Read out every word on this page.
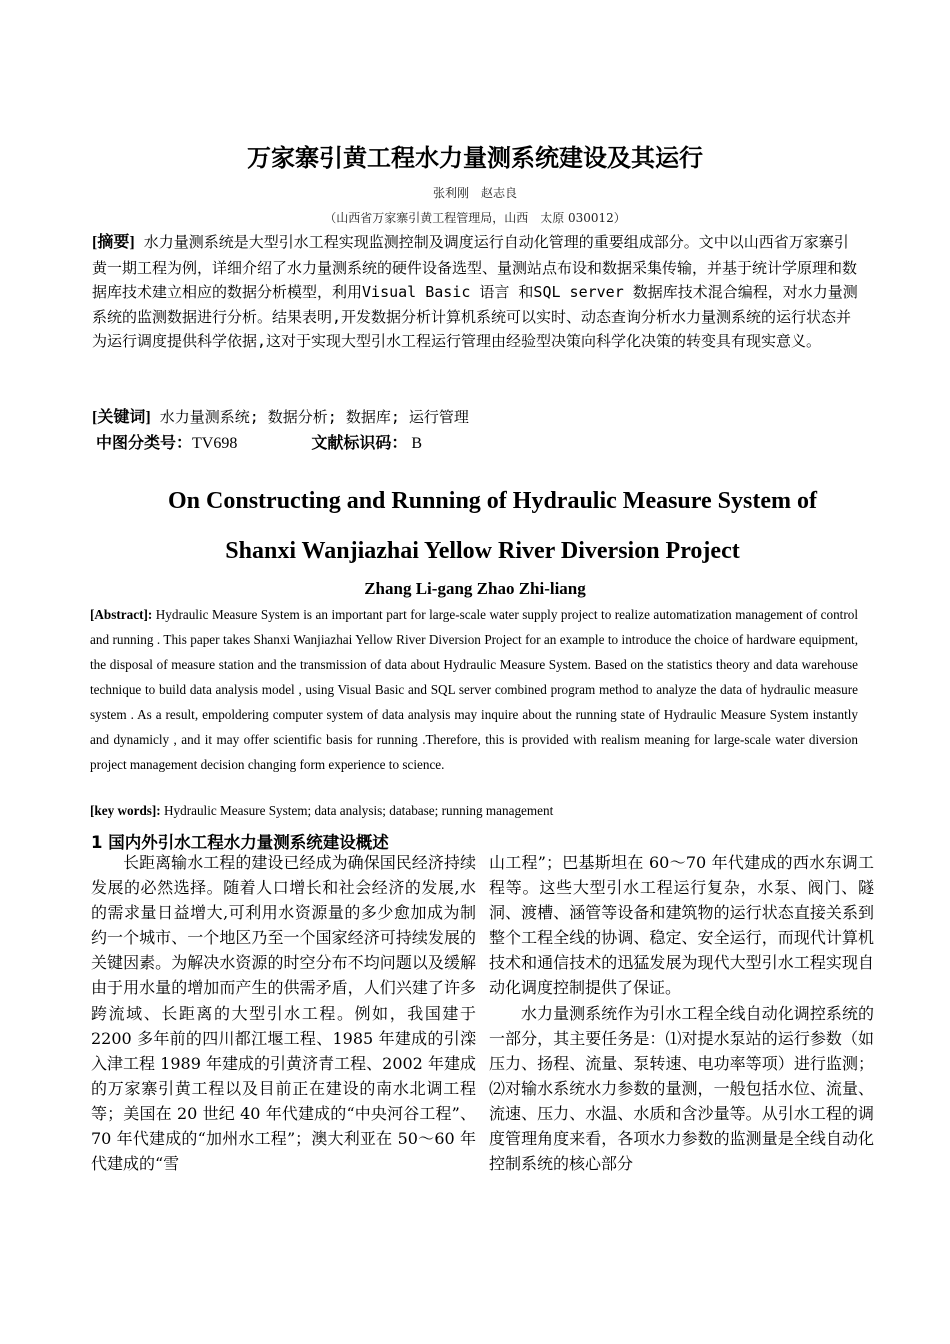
万家寨引黄工程水力量测系统建设及其运行
张利刚　赵志良
（山西省万家寨引黄工程管理局，山西　太原 030012）
[摘要] 水力量测系统是大型引水工程实现监测控制及调度运行自动化管理的重要组成部分。文中以山西省万家寨引黄一期工程为例，详细介绍了水力量测系统的硬件设备选型、量测站点布设和数据采集传输，并基于统计学原理和数据库技术建立相应的数据分析模型，利用Visual Basic 语言 和SQL server 数据库技术混合编程，对水力量测系统的监测数据进行分析。结果表明,开发数据分析计算机系统可以实时、动态查询分析水力量测系统的运行状态并为运行调度提供科学依据,这对于实现大型引水工程运行管理由经验型决策向科学化决策的转变具有现实意义。
[关键词] 水力量测系统; 数据分析; 数据库; 运行管理
中图分类号：TV698	文献标识码： B
On Constructing and Running of Hydraulic Measure System of
Shanxi Wanjiazhai Yellow River Diversion Project
Zhang Li-gang Zhao Zhi-liang
[Abstract]: Hydraulic Measure System is an important part for large-scale water supply project to realize automatization management of control and running . This paper takes Shanxi Wanjiazhai Yellow River Diversion Project for an example to introduce the choice of hardware equipment, the disposal of measure station and the transmission of data about Hydraulic Measure System. Based on the statistics theory and data warehouse technique to build data analysis model , using Visual Basic and SQL server combined program method to analyze the data of hydraulic measure system . As a result, empoldering computer system of data analysis may inquire about the running state of Hydraulic Measure System instantly and dynamicly , and it may offer scientific basis for running .Therefore, this is provided with realism meaning for large-scale water diversion project management decision changing form experience to science.
[key words]: Hydraulic Measure System; data analysis; database; running management
1 国内外引水工程水力量测系统建设概述

长距离输水工程的建设已经成为确保国民经济持续发展的必然选择。随着人口增长和社会经济的发展,水的需求量日益增大,可利用水资源量的多少愈加成为制约一个城市、一个地区乃至一个国家经济可持续发展的关键因素。为解决水资源的时空分布不均问题以及缓解由于用水量的增加而产生的供需矛盾，人们兴建了许多跨流域、长距离的大型引水工程。例如，我国建于 2200 多年前的四川都江堰工程、1985 年建成的引滦入津工程 1989 年建成的引黄济青工程、2002 年建成的万家寨引黄工程以及目前正在建设的南水北调工程等；美国在 20 世纪 40 年代建成的“中央河谷工程”、70 年代建成的“加州水工程”；澳大利亚在 50～60 年代建成的“雪

山工程”；巴基斯坦在 60～70 年代建成的西水东调工程等。这些大型引水工程运行复杂，水泵、阀门、隧洞、渡槽、涵管等设备和建筑物的运行状态直接关系到整个工程全线的协调、稳定、安全运行，而现代计算机技术和通信技术的迅猛发展为现代大型引水工程实现自动化调度控制提供了保证。

水力量测系统作为引水工程全线自动化调控系统的一部分，其主要任务是：⑴对提水泵站的运行参数（如压力、扬程、流量、泵转速、电功率等项）进行监测；⑵对输水系统水力参数的量测，一般包括水位、流量、流速、压力、水温、水质和含沙量等。从引水工程的调度管理角度来看，各项水力参数的监测量是全线自动化控制系统的核心部分
